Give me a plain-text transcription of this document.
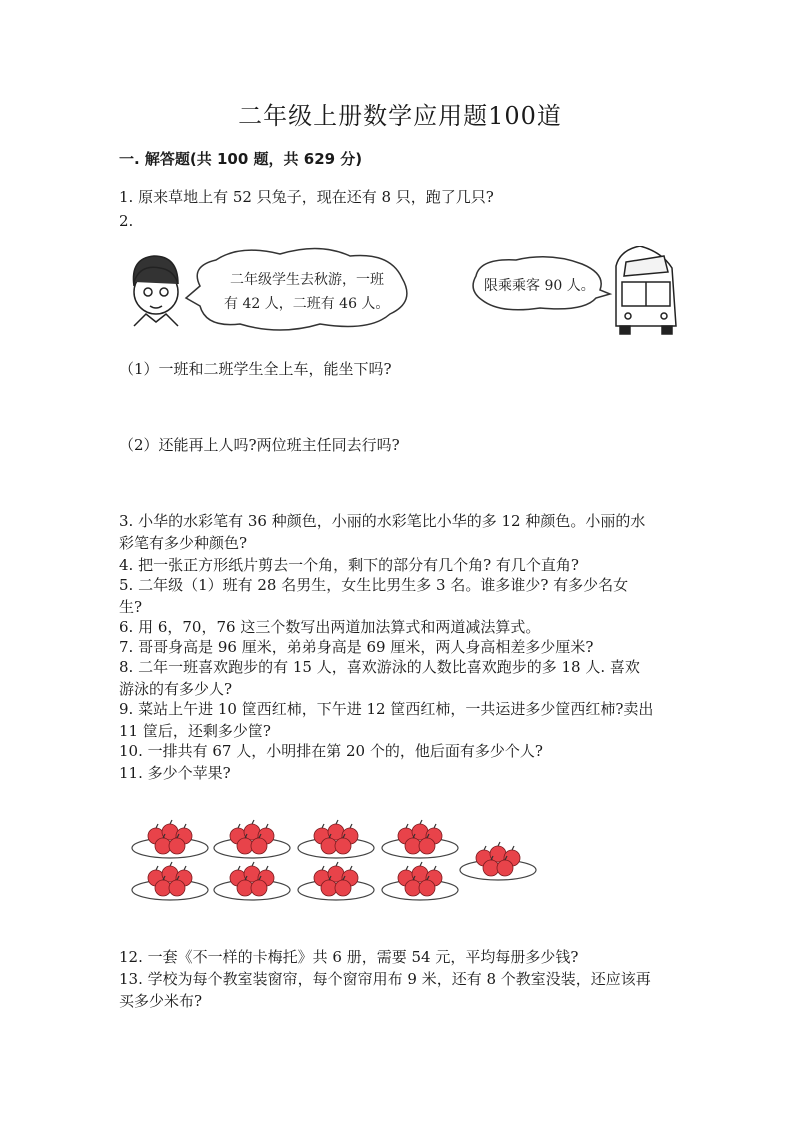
二年级上册数学应用题100道
一. 解答题(共 100 题，共 629 分)
1. 原来草地上有 52 只兔子，现在还有 8 只，跑了几只?
2.
二年级学生去秋游，一班
有 42 人，二班有 46 人。
限乘乘客 90 人。
（1）一班和二班学生全上车，能坐下吗?
（2）还能再上人吗?两位班主任同去行吗?
3. 小华的水彩笔有 36 种颜色，小丽的水彩笔比小华的多 12 种颜色。小丽的水
彩笔有多少种颜色?
4. 把一张正方形纸片剪去一个角，剩下的部分有几个角? 有几个直角?
5. 二年级（1）班有 28 名男生，女生比男生多 3 名。谁多谁少? 有多少名女
生?
6. 用 6，70，76 这三个数写出两道加法算式和两道减法算式。
7. 哥哥身高是 96 厘米，弟弟身高是 69 厘米，两人身高相差多少厘米?
8. 二年一班喜欢跑步的有 15 人，喜欢游泳的人数比喜欢跑步的多 18 人. 喜欢
游泳的有多少人?
9. 菜站上午进 10 筐西红柿，下午进 12 筐西红柿，一共运进多少筐西红柿?卖出
11 筐后，还剩多少筐?
10. 一排共有 67 人，小明排在第 20 个的，他后面有多少个人?
11. 多少个苹果?
12. 一套《不一样的卡梅托》共 6 册，需要 54 元，平均每册多少钱?
13. 学校为每个教室装窗帘，每个窗帘用布 9 米，还有 8 个教室没装，还应该再
买多少米布?
